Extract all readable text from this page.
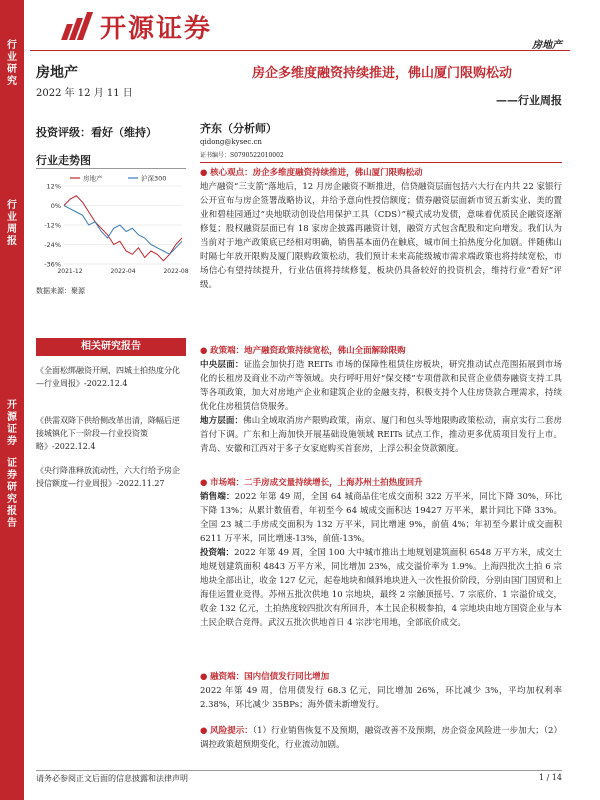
行业研究
行业周报
开源证券
证券研究报告
开源证券
房地产
房地产
2022 年 12 月 11 日
投资评级：看好（维持）
行业走势图
12%
0%
-12%
-24%
-36%
2021-12	2022-04	2022-08
房地产	沪深300
数据来源：聚源
相关研究报告
《全面松绑融资开闸，四城土拍热度分化—行业周报》-2022.12.4
《供需双降下供给侧改革出清，降幅后逆接城镇化下一阶段—行业投资策略》-2022.12.4
《央行降准释放流动性，六大行给予房企授信额度—行业周报》-2022.11.27
房企多维度融资持续推进，佛山厦门限购松动
——行业周报
齐东（分析师）
qidong@kysec.cn
证书编号：S0790522010002
● 核心观点：房企多维度融资持续推进，佛山厦门限购松动
地产融资“三支箭”落地后，12 月房企融资不断推进，信贷融资层面包括六大行在内共 22 家银行公开宣布与房企签署战略协议，并给予意向性授信额度；债券融资层面新市贸五新实业、美的置业和碧桂园通过“央地联动创设信用保护工具（CDS）”模式成功发债，意味着优质民企融资逐渐修复；股权融资层面已有 18 家房企披露再融资计划，融资方式包含配股和定向增发。我们认为当前对于地产政策底已经相对明确，销售基本面仍在触底，城市间土拍热度分化加剧。伴随佛山时隔七年放开限购及厦门限购政策松动，我们预计未来高能级城市需求端政策也将持续宽松，市场信心有望持续提升，行业估值将持续修复，板块仍具备较好的投资机会，维持行业“看好”评级。
● 政策端：地产融资政策持续宽松，佛山全面解除限购
中央层面：证监会加快打造 REITs 市场的保障性租赁住房板块，研究推动试点范围拓展到市场化的长租房及商业不动产等领域。央行呼吁用好“保交楼”专项借款和民营企业债券融资支持工具等各项政策，加大对房地产企业和建筑企业的金融支持，积极支持个人住房贷款合理需求，持续优化住房租赁信贷服务。
地方层面：佛山全域取消房产限购政策，南京、厦门和包头等地限购政策松动，南京实行二套房首付下调。广东和上海加快开展基础设施领域 REITs 试点工作，推动更多优质项目发行上市。青岛、安徽和江西对于多子女家庭购买首套房，上浮公积金贷款额度。
● 市场端：二手房成交量持续增长，上海苏州土拍热度回升
销售端：2022 年第 49 周，全国 64 城商品住宅成交面积 322 万平米，同比下降 30%，环比下降 13%；从累计数值看，年初至今 64 城成交面积达 19427 万平米，累计同比下降 33%。全国 23 城二手房成交面积为 132 万平米，同比增速 9%，前值 4%；年初至今累计成交面积 6211 万平米，同比增速-13%，前值-13%。
投资端：2022 年第 49 周，全国 100 大中城市推出土地规划建筑面积 6548 万平方米，成交土地规划建筑面积 4843 万平方米，同比增加 23%，成交溢价率为 1.9%。上海四批次土拍 6 宗地块全部出让，收金 127 亿元，起卷地块和倾斜地块进入一次性报价阶段，分别由国门国贸和上海佳运置业竞得。苏州五批次供地 10 宗地块，最终 2 宗触顶摇号、7 宗底价、1 宗溢价成交，收金 132 亿元，土拍热度较四批次有所回升，本土民企积极参拍，4 宗地块由地方国资企业与本土民企联合竞得。武汉五批次供地首日 4 宗涉宅用地，全部底价成交。
● 融资端：国内信债发行同比增加
2022 年第 49 周，信用债发行 68.3 亿元，同比增加 26%，环比减少 3%，平均加权利率 2.38%，环比减少 35BPs；海外债未新增发行。
● 风险提示：（1）行业销售恢复不及预期，融资改善不及预期，房企资金风险进一步加大；（2）调控政策超预期变化，行业流动加剧。
请务必参阅正文后面的信息披露和法律声明	1 / 14
